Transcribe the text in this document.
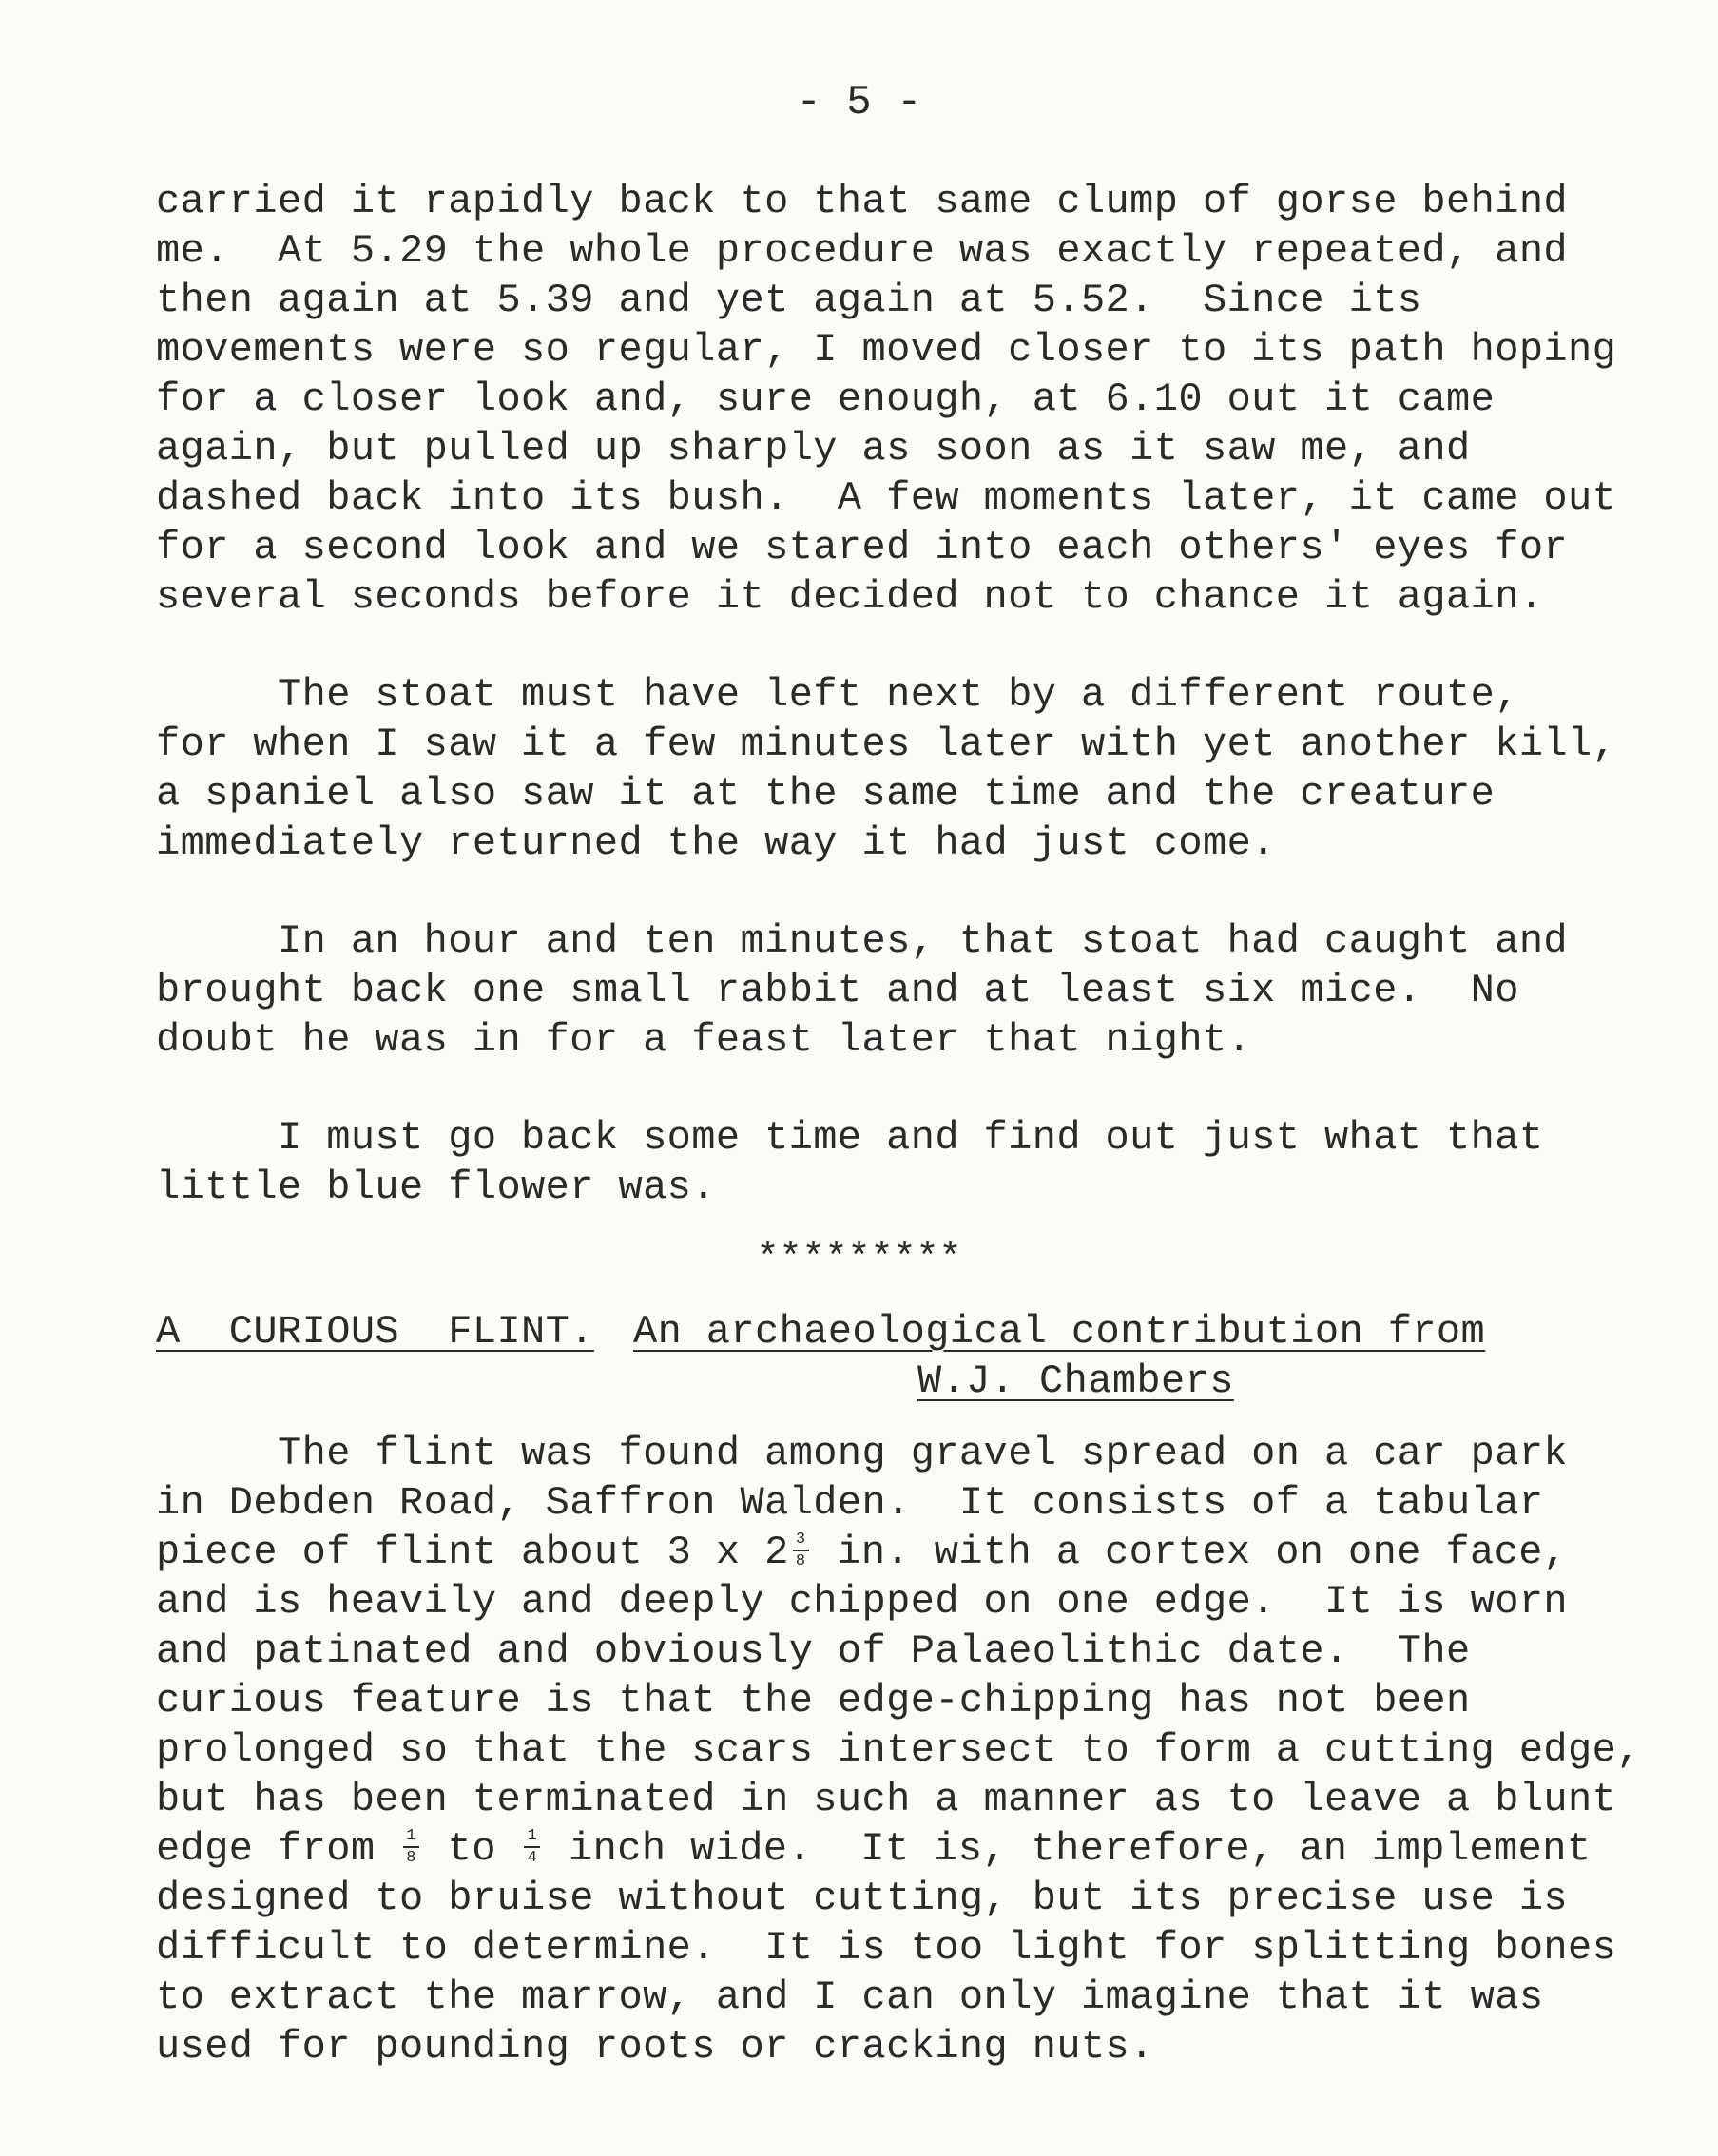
- 5 -
carried it rapidly back to that same clump of gorse behind
me.  At 5.29 the whole procedure was exactly repeated, and
then again at 5.39 and yet again at 5.52.  Since its
movements were so regular, I moved closer to its path hoping
for a closer look and, sure enough, at 6.10 out it came
again, but pulled up sharply as soon as it saw me, and
dashed back into its bush.  A few moments later, it came out
for a second look and we stared into each others' eyes for
several seconds before it decided not to chance it again.
The stoat must have left next by a different route,
for when I saw it a few minutes later with yet another kill,
a spaniel also saw it at the same time and the creature
immediately returned the way it had just come.
In an hour and ten minutes, that stoat had caught and
brought back one small rabbit and at least six mice.  No
doubt he was in for a feast later that night.
I must go back some time and find out just what that
little blue flower was.
*********
A  CURIOUS  FLINT. An archaeological contribution from
W.J. Chambers
The flint was found among gravel spread on a car park
in Debden Road, Saffron Walden.  It consists of a tabular
piece of flint about 3 x $2 \frac{3}{8}$ in. with a cortex on one face,
and is heavily and deeply chipped on one edge.  It is worn
and patinated and obviously of Palaeolithic date.  The
curious feature is that the edge-chipping has not been
prolonged so that the scars intersect to form a cutting edge,
but has been terminated in such a manner as to leave a blunt
edge from $\frac{1}{8}$ to $\frac{1}{4}$ inch wide.  It is, therefore, an implement
designed to bruise without cutting, but its precise use is
difficult to determine.  It is too light for splitting bones
to extract the marrow, and I can only imagine that it was
used for pounding roots or cracking nuts.
